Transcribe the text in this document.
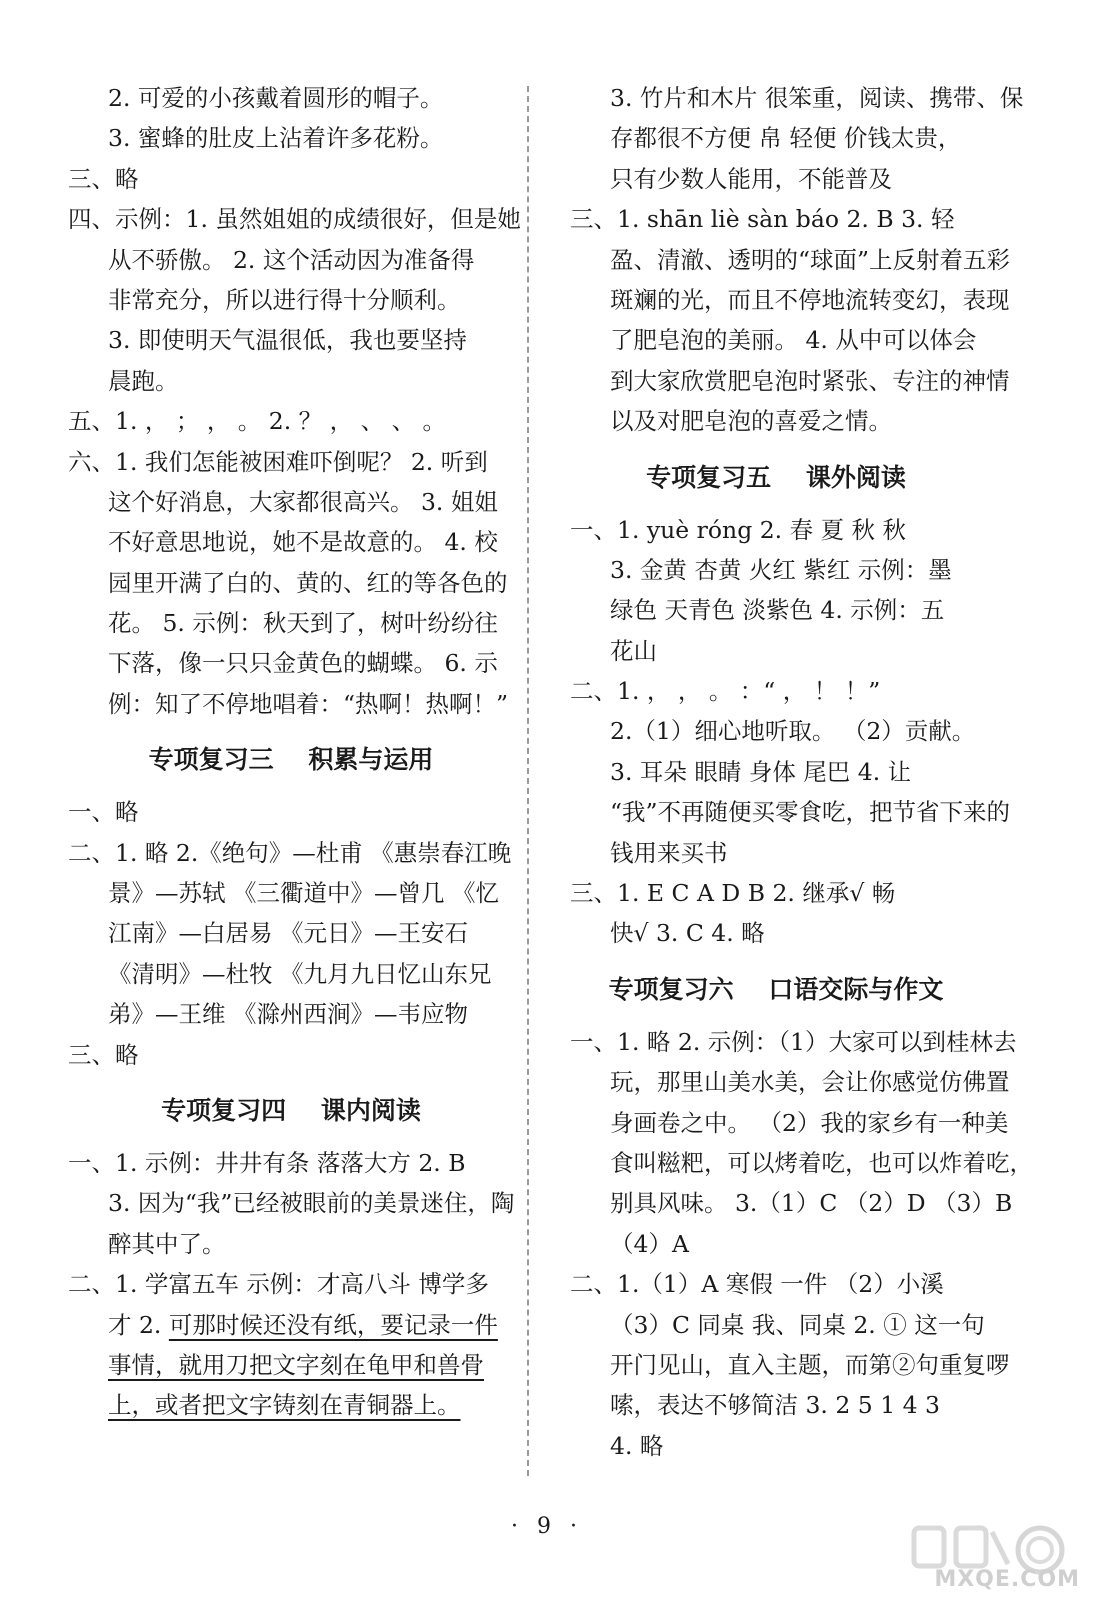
2. 可爱的小孩戴着圆形的帽子。
3. 蜜蜂的肚皮上沾着许多花粉。
三、略
四、示例：1. 虽然姐姐的成绩很好，但是她
从不骄傲。 2. 这个活动因为准备得
非常充分，所以进行得十分顺利。
3. 即使明天气温很低，我也要坚持
晨跑。
五、1. ， ； ， 。 2. ？ ， 、 、 。
六、1. 我们怎能被困难吓倒呢？ 2. 听到
这个好消息，大家都很高兴。 3. 姐姐
不好意思地说，她不是故意的。 4. 校
园里开满了白的、黄的、红的等各色的
花。 5. 示例：秋天到了，树叶纷纷往
下落，像一只只金黄色的蝴蝶。 6. 示
例：知了不停地唱着：“热啊！热啊！”
专项复习三    积累与运用
一、略
二、1. 略 2.《绝句》—杜甫 《惠崇春江晚
景》—苏轼 《三衢道中》—曾几 《忆
江南》—白居易 《元日》—王安石
《清明》—杜牧 《九月九日忆山东兄
弟》—王维 《滁州西涧》—韦应物
三、略
专项复习四    课内阅读
一、1. 示例：井井有条 落落大方 2. B
3. 因为“我”已经被眼前的美景迷住，陶
醉其中了。
二、1. 学富五车 示例：才高八斗 博学多
才 2. 可那时候还没有纸，要记录一件
事情，就用刀把文字刻在龟甲和兽骨
上，或者把文字铸刻在青铜器上。
3. 竹片和木片 很笨重，阅读、携带、保
存都很不方便 帛 轻便 价钱太贵，
只有少数人能用，不能普及
三、1. shān liè sàn báo 2. B 3. 轻
盈、清澈、透明的“球面”上反射着五彩
斑斓的光，而且不停地流转变幻，表现
了肥皂泡的美丽。 4. 从中可以体会
到大家欣赏肥皂泡时紧张、专注的神情
以及对肥皂泡的喜爱之情。
专项复习五    课外阅读
一、1. yuè róng 2. 春 夏 秋 秋
3. 金黄 杏黄 火红 紫红 示例：墨
绿色 天青色 淡紫色 4. 示例：五
花山
二、1. ， ， 。 ：“ ， ！ ！”
2.（1）细心地听取。 （2）贡献。
3. 耳朵 眼睛 身体 尾巴 4. 让
“我”不再随便买零食吃，把节省下来的
钱用来买书
三、1. E C A D B 2. 继承√ 畅
快√ 3. C 4. 略
专项复习六    口语交际与作文
一、1. 略 2. 示例：（1）大家可以到桂林去
玩，那里山美水美，会让你感觉仿佛置
身画卷之中。 （2）我的家乡有一种美
食叫糍粑，可以烤着吃，也可以炸着吃，
别具风味。 3.（1）C （2）D （3）B
（4）A
二、1.（1）A 寒假 一件 （2）小溪
（3）C 同桌 我、同桌 2. ① 这一句
开门见山，直入主题，而第②句重复啰
嗦，表达不够简洁 3. 2 5 1 4 3
4. 略
· 9 ·
MXQE.COM
